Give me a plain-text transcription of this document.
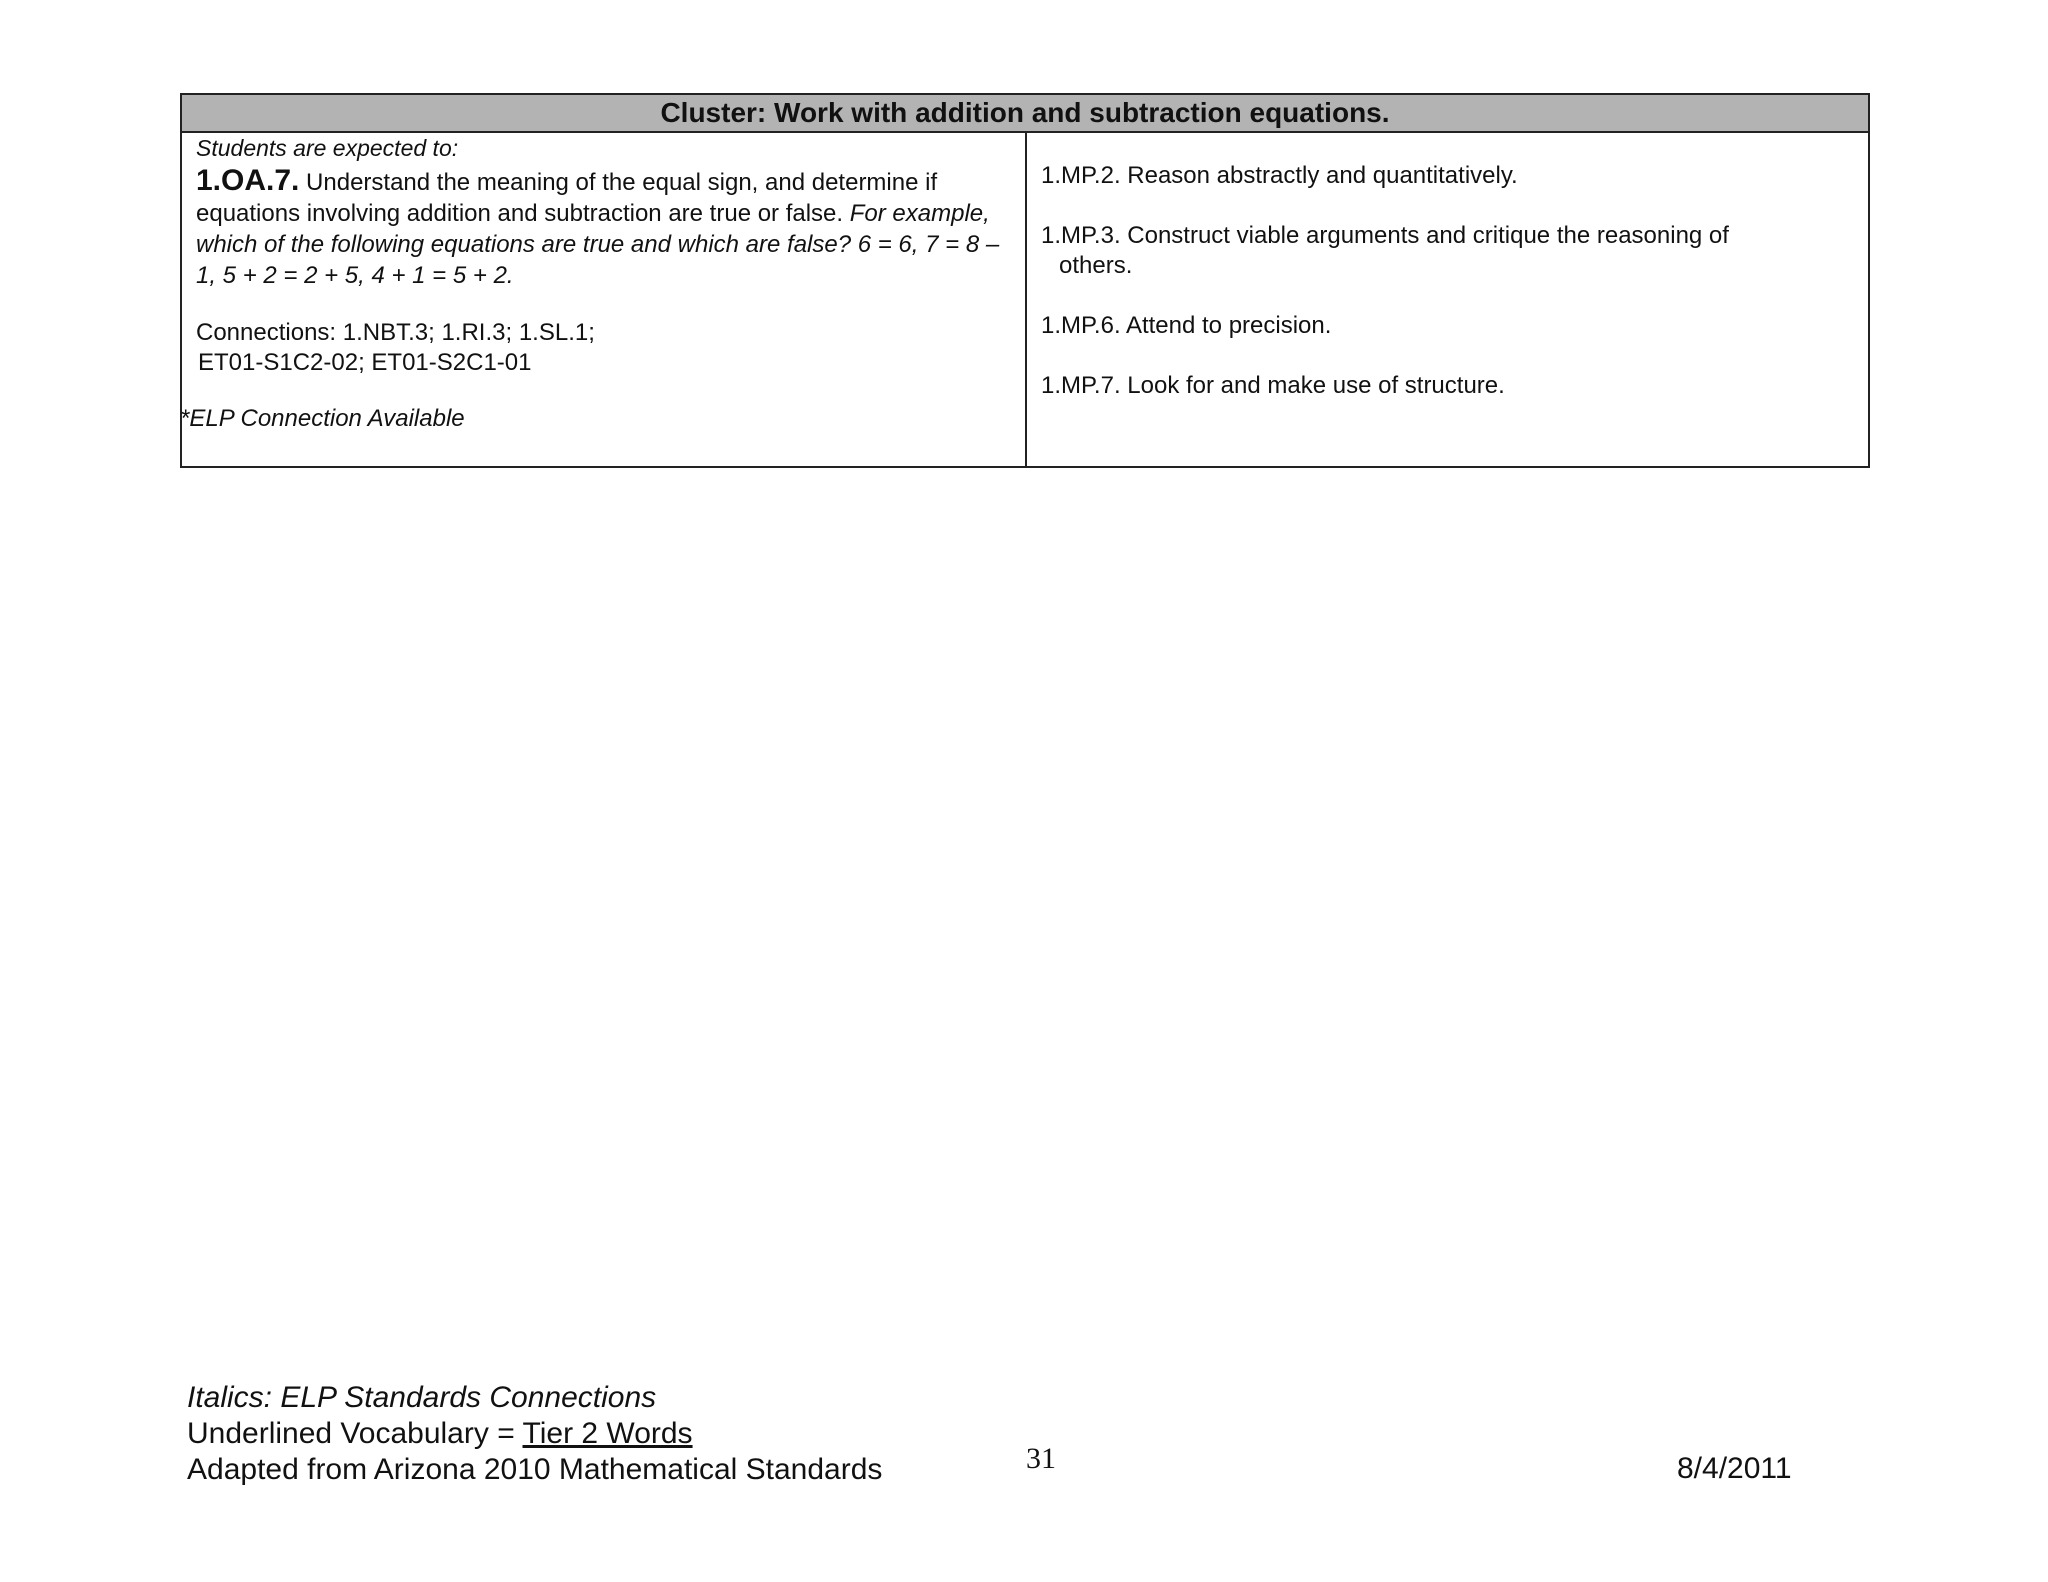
Cluster: Work with addition and subtraction equations.
Students are expected to:
1.OA.7. Understand the meaning of the equal sign, and determine if equations involving addition and subtraction are true or false. For example, which of the following equations are true and which are false? 6 = 6, 7 = 8 – 1, 5 + 2 = 2 + 5, 4 + 1 = 5 + 2.
Connections: 1.NBT.3; 1.RI.3; 1.SL.1;
ET01-S1C2-02; ET01-S2C1-01
*ELP Connection Available
1.MP.2. Reason abstractly and quantitatively.
1.MP.3. Construct viable arguments and critique the reasoning of
others.
1.MP.6. Attend to precision.
1.MP.7. Look for and make use of structure.
Italics: ELP Standards Connections
Underlined Vocabulary = Tier 2 Words
Adapted from Arizona 2010 Mathematical Standards	31	8/4/2011
